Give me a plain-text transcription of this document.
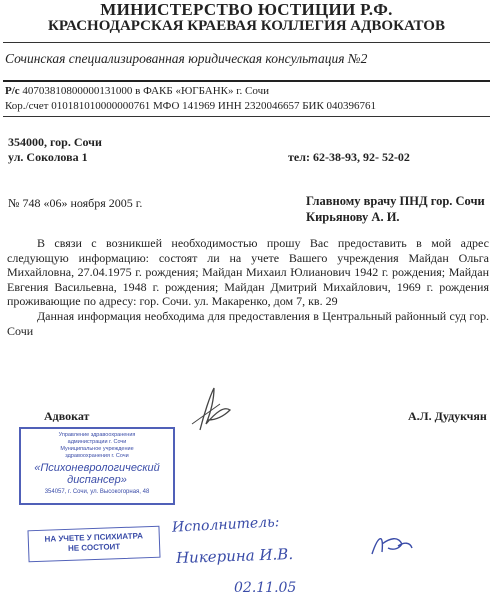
МИНИСТЕРСТВО ЮСТИЦИИ Р.Ф.
КРАСНОДАРСКАЯ КРАЕВАЯ КОЛЛЕГИЯ АДВОКАТОВ
Сочинская специализированная юридическая консультация №2
Р/с 40703810800000131000 в ФАКБ «ЮГБАНК» г. Сочи
Кор./счет 010181010000000761 МФО 141969 ИНН 2320046657 БИК 040396761
354000, гор. Сочи
ул. Соколова 1	тел: 62-38-93, 92- 52-02
№ 748 «06» ноября 2005 г.	Главному врачу ПНД гор. Сочи
Кирьянову А. И.

В связи с возникшей необходимостью прошу Вас предоставить в мой адрес следующую информацию: состоят ли на учете Вашего учреждения Майдан Ольга Михайловна, 27.04.1975 г. рождения; Майдан Михаил Юлианович 1942 г. рождения; Майдан Евгения Васильевна, 1948 г. рождения; Майдан Дмитрий Михайлович, 1969 г. рождения проживающие по адресу: гор. Сочи. ул. Макаренко, дом 7, кв. 29

Данная информация необходима для предоставления в Центральный районный суд гор. Сочи

Адвокат	А.Л. Дудукчян
Управление здравоохранения
администрации г. Сочи
Муниципальное учреждение
здравоохранения г. Сочи
«Психоневрологический диспансер»
354057, г. Сочи, ул. Высокогорная, 48
НА УЧЕТЕ У ПСИХИАТРА
НЕ СОСТОИТ
Исполнитель:
Никерина И.В.
02.11.05
